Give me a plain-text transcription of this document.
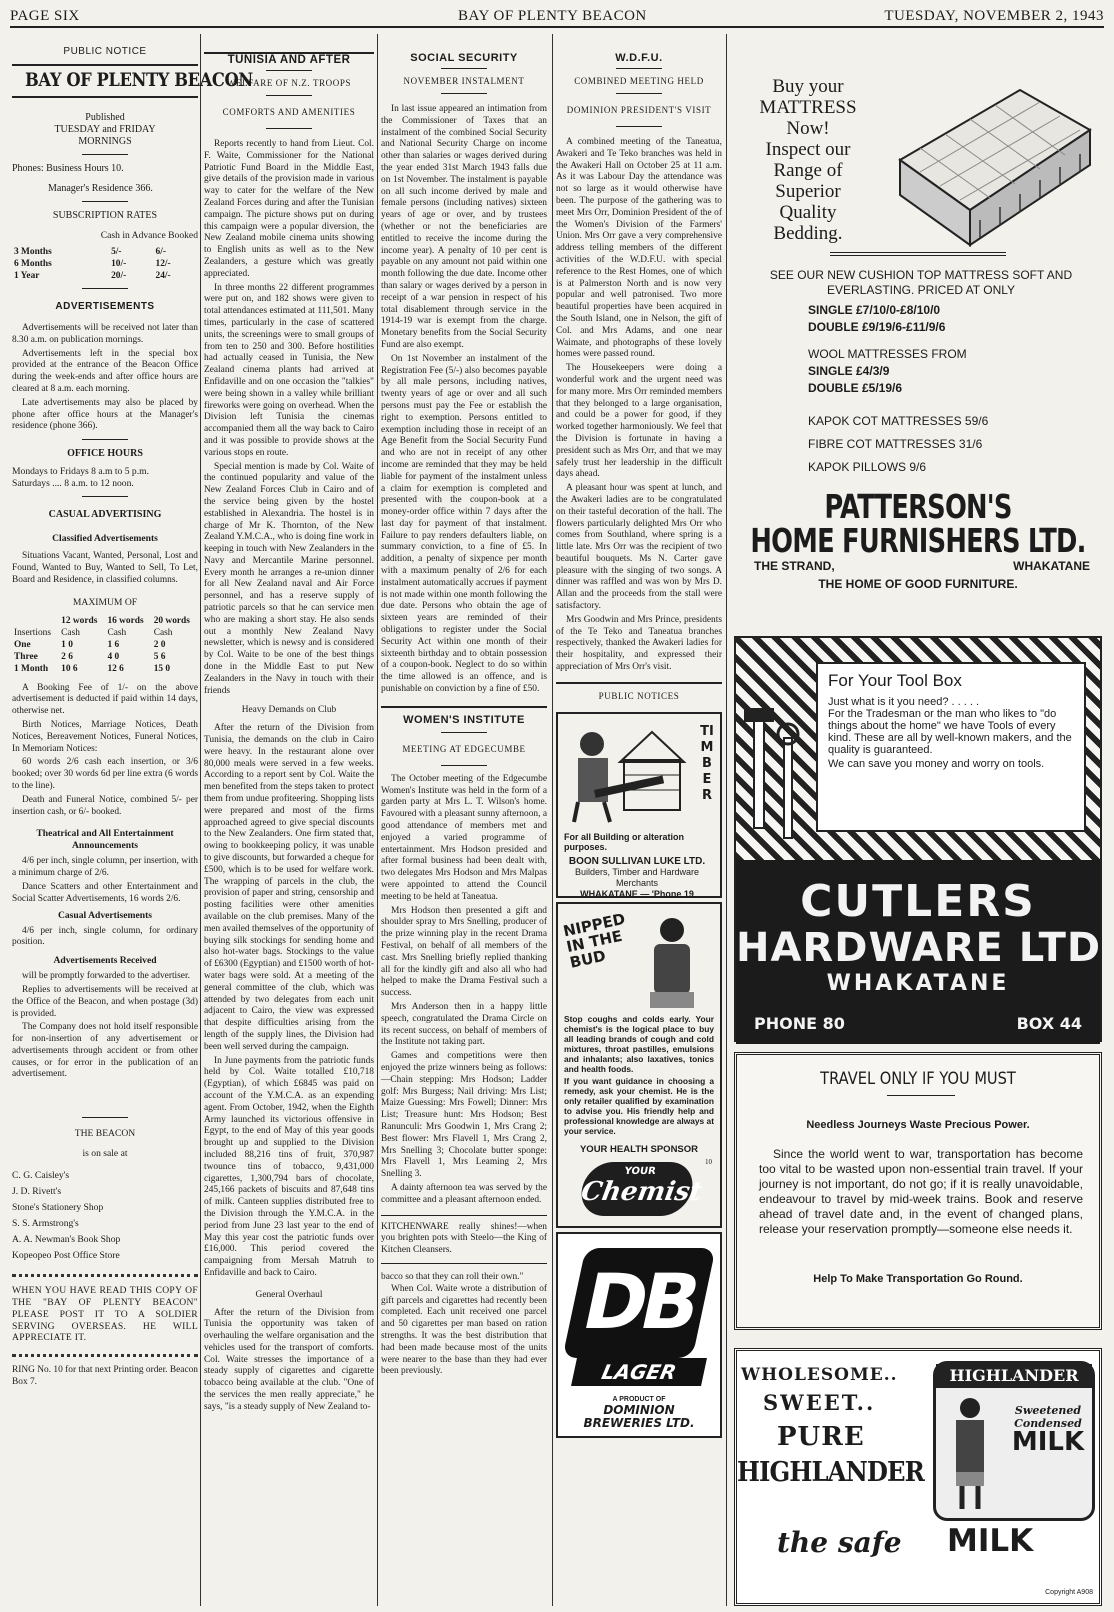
PAGE SIX	BAY OF PLENTY BEACON	TUESDAY, NOVEMBER 2, 1943
PUBLIC NOTICE
BAY OF PLENTY BEACON
Published
TUESDAY and FRIDAY
MORNINGS
Phones: Business Hours 10.
Manager's Residence 366.
SUBSCRIPTION RATES
Cash in Advance Booked
3 Months	5/-	6/-
6 Months	10/-	12/-
1 Year	20/-	24/-
ADVERTISEMENTS
Advertisements will be received not later than 8.30 a.m. on publication mornings.
Advertisements left in the special box provided at the entrance of the Beacon Office during the week-ends and after office hours are cleared at 8 a.m. each morning.
Late advertisements may also be placed by phone after office hours at the Manager's residence (phone 366).
OFFICE HOURS
Mondays to Fridays 8 a.m to 5 p.m.
Saturdays .... 8 a.m. to 12 noon.
CASUAL ADVERTISING
Classified Advertisements
Situations Vacant, Wanted, Personal, Lost and Found, Wanted to Buy, Wanted to Sell, To Let, Board and Residence, in classified columns.
MAXIMUM OF
	12 words	16 words	20 words
Insertions	Cash	Cash	Cash
One	1 0	1 6	2 0
Three	2 6	4 0	5 6
1 Month	10 6	12 6	15 0
A Booking Fee of 1/- on the above advertisement is deducted if paid within 14 days, otherwise net.
Birth Notices, Marriage Notices, Death Notices, Bereavement Notices, Funeral Notices, In Memoriam Notices:
60 words 2/6 cash each insertion, or 3/6 booked; over 30 words 6d per line extra (6 words to the line).
Death and Funeral Notice, combined 5/- per insertion cash, or 6/- booked.
Theatrical and All Entertainment Announcements
4/6 per inch, single column, per insertion, with a minimum charge of 2/6.
Dance Scatters and other Entertainment and Social Scatter Advertisements, 16 words 2/6.
Casual Advertisements
4/6 per inch, single column, for ordinary position.
Advertisements Received
will be promptly forwarded to the advertiser.
Replies to advertisements will be received at the Office of the Beacon, and when postage (3d) is provided.
The Company does not hold itself responsible for non-insertion of any advertisement or advertisements through accident or from other causes, or for error in the publication of an advertisement.
THE BEACON
is on sale at
C. G. Caisley's
J. D. Rivett's
Stone's Stationery Shop
S. S. Armstrong's
A. A. Newman's Book Shop
Kopeopeo Post Office Store
WHEN YOU HAVE READ THIS COPY OF THE "BAY OF PLENTY BEACON" PLEASE POST IT TO A SOLDIER SERVING OVERSEAS. HE WILL APPRECIATE IT.
RING No. 10 for that next Printing order. Beacon Box 7.
TUNISIA AND AFTER
WELFARE OF N.Z. TROOPS
COMFORTS AND AMENITIES
Reports recently to hand from Lieut. Col. F. Waite, Commissioner for the National Patriotic Fund Board in the Middle East, give details of the provision made in various way to cater for the welfare of the New Zealand Forces during and after the Tunisian campaign. The picture shows put on during this campaign were a popular diversion, the New Zealand mobile cinema units showing to English units as well as to the New Zealanders, a gesture which was greatly appreciated.
In three months 22 different programmes were put on, and 182 shows were given to total attendances estimated at 111,501. Many times, particularly in the case of scattered units, the screenings were to small groups of from ten to 250 and 300. Before hostilities had actually ceased in Tunisia, the New Zealand cinema plants had arrived at Enfidaville and on one occasion the "talkies" were being shown in a valley while brilliant fireworks were going on overhead. When the Division left Tunisia the cinemas accompanied them all the way back to Cairo and it was possible to provide shows at the various stops en route.
Special mention is made by Col. Waite of the continued popularity and value of the New Zealand Forces Club in Cairo and of the service being given by the hostel established in Alexandria. The hostel is in charge of Mr K. Thornton, of the New Zealand Y.M.C.A., who is doing fine work in keeping in touch with New Zealanders in the Navy and Mercantile Marine personnel. Every month he arranges a re-union dinner for all New Zealand naval and Air Force personnel, and has a reserve supply of patriotic parcels so that he can service men who are making a short stay. He also sends out a monthly New Zealand Navy newsletter, which is newsy and is considered by Col. Waite to be one of the best things done in the Middle East to put New Zealanders in the Navy in touch with their friends
Heavy Demands on Club
After the return of the Division from Tunisia, the demands on the club in Cairo were heavy. In the restaurant alone over 80,000 meals were served in a few weeks. According to a report sent by Col. Waite the men benefited from the steps taken to protect them from undue profiteering. Shopping lists were prepared and most of the firms approached agreed to give special discounts to the New Zealanders. One firm stated that, owing to bookkeeping policy, it was unable to give discounts, but forwarded a cheque for £500, which is to be used for welfare work. The wrapping of parcels in the club, the provision of paper and string, censorship and posting facilities were other amenities available on the club premises. Many of the men availed themselves of the opportunity of buying silk stockings for sending home and also hot-water bags. Stockings to the value of £6300 (Egyptian) and £1500 worth of hot-water bags were sold. At a meeting of the general committee of the club, which was attended by two delegates from each unit adjacent to Cairo, the view was expressed that despite difficulties arising from the length of the supply lines, the Division had been well served during the campaign.
In June payments from the patriotic funds held by Col. Waite totalled £10,718 (Egyptian), of which £6845 was paid on account of the Y.M.C.A. as an expending agent. From October, 1942, when the Eighth Army launched its victorious offensive in Egypt, to the end of May of this year goods brought up and supplied to the Division included 88,216 tins of fruit, 370,987 twounce tins of tobacco, 9,431,000 cigarettes, 1,300,794 bars of chocolate, 245,166 packets of biscuits and 87,648 tins of milk. Canteen supplies distributed free to the Division through the Y.M.C.A. in the period from June 23 last year to the end of May this year cost the patriotic funds over £16,000. This period covered the campaigning from Mersah Matruh to Enfidaville and back to Cairo.
General Overhaul
After the return of the Division from Tunisia the opportunity was taken of overhauling the welfare organisation and the vehicles used for the transport of comforts. Col. Waite stresses the importance of a steady supply of cigarettes and cigarette tobacco being available at the club. "One of the services the men really appreciate," he says, "is a steady supply of New Zealand to-
SOCIAL SECURITY
NOVEMBER INSTALMENT
In last issue appeared an intimation from the Commissioner of Taxes that an instalment of the combined Social Security and National Security Charge on income other than salaries or wages derived during the year ended 31st March 1943 falls due on 1st November. The instalment is payable on all such income derived by male and female persons (including natives) sixteen years of age or over, and by trustees (whether or not the beneficiaries are entitled to receive the income during the income year). A penalty of 10 per cent is payable on any amount not paid within one month following the due date. Income other than salary or wages derived by a person in receipt of a war pension in respect of his total disablement through service in the 1914-19 war is exempt from the charge. Monetary benefits from the Social Security Fund are also exempt.
On 1st November an instalment of the Registration Fee (5/-) also becomes payable by all male persons, including natives, twenty years of age or over and all such persons must pay the Fee or establish the right to exemption. Persons entitled to exemption including those in receipt of an Age Benefit from the Social Security Fund and who are not in receipt of any other income are reminded that they may be held liable for payment of the instalment unless a claim for exemption is completed and presented with the coupon-book at a money-order office within 7 days after the last day for payment of that instalment. Failure to pay renders defaulters liable, on summary conviction, to a fine of £5. In addition, a penalty of sixpence per month with a maximum penalty of 2/6 for each instalment automatically accrues if payment is not made within one month following the due date. Persons who obtain the age of sixteen years are reminded of their obligations to register under the Social Security Act within one month of their sixteenth birthday and to obtain possession of a coupon-book. Neglect to do so within the time allowed is an offence, and is punishable on conviction by a fine of £50.
WOMEN'S INSTITUTE
MEETING AT EDGECUMBE
The October meeting of the Edgecumbe Women's Institute was held in the form of a garden party at Mrs L. T. Wilson's home. Favoured with a pleasant sunny afternoon, a good attendance of members met and enjoyed a varied programme of entertainment. Mrs Hodson presided and after formal business had been dealt with, two delegates Mrs Hodson and Mrs Malpas were appointed to attend the Council meeting to be held at Taneatua.
Mrs Hodson then presented a gift and shoulder spray to Mrs Snelling, producer of the prize winning play in the recent Drama Festival, on behalf of all members of the cast. Mrs Snelling briefly replied thanking all for the kindly gift and also all who had helped to make the Drama Festival such a success.
Mrs Anderson then in a happy little speech, congratulated the Drama Circle on its recent success, on behalf of members of the Institute not taking part.
Games and competitions were then enjoyed the prize winners being as follows:—Chain stepping: Mrs Hodson; Ladder golf: Mrs Burgess; Nail driving: Mrs List; Maize Guessing: Mrs Fowell; Dinner: Mrs List; Treasure hunt: Mrs Hodson; Best Ranunculi: Mrs Goodwin 1, Mrs Crang 2; Best flower: Mrs Flavell 1, Mrs Crang 2, Mrs Snelling 3; Chocolate butter sponge: Mrs Flavell 1, Mrs Leaming 2, Mrs Snelling 3.
A dainty afternoon tea was served by the committee and a pleasant afternoon ended.
KITCHENWARE really shines!—when you brighten pots with Steelo—the King of Kitchen Cleansers.
bacco so that they can roll their own."
When Col. Waite wrote a distribution of gift parcels and cigarettes had recently been completed. Each unit received one parcel and 50 cigarettes per man based on ration strengths. It was the best distribution that had been made because most of the units were nearer to the base than they had ever been previously.
W.D.F.U.
COMBINED MEETING HELD
DOMINION PRESIDENT'S VISIT
A combined meeting of the Taneatua, Awakeri and Te Teko branches was held in the Awakeri Hall on October 25 at 11 a.m. As it was Labour Day the attendance was not so large as it would otherwise have been. The purpose of the gathering was to meet Mrs Orr, Dominion President of the of the Women's Division of the Farmers' Union. Mrs Orr gave a very comprehensive address telling members of the different activities of the W.D.F.U. with special reference to the Rest Homes, one of which is at Palmerston North and is now very popular and well patronised. Two more beautiful properties have been acquired in the South Island, one in Nelson, the gift of Col. and Mrs Adams, and one near Waimate, and photographs of these lovely homes were passed round.
The Housekeepers were doing a wonderful work and the urgent need was for many more. Mrs Orr reminded members that they belonged to a large organisation, and could be a power for good, if they worked together harmoniously. We feel that the Division is fortunate in having a president such as Mrs Orr, and that we may safely trust her leadership in the difficult days ahead.
A pleasant hour was spent at lunch, and the Awakeri ladies are to be congratulated on their tasteful decoration of the hall. The flowers particularly delighted Mrs Orr who comes from Southland, where spring is a little late. Mrs Orr was the recipient of two beautiful bouquets. Ms N. Carter gave pleasure with the singing of two songs. A dinner was raffled and was won by Mrs D. Allan and the proceeds from the stall were satisfactory.
Mrs Goodwin and Mrs Prince, presidents of the Te Teko and Taneatua branches respectively, thanked the Awakeri ladies for their hospitality, and expressed their appreciation of Mrs Orr's visit.
PUBLIC NOTICES
TIMBER
For all Building or alteration purposes.
BOON SULLIVAN LUKE LTD.
Builders, Timber and Hardware Merchants
WHAKATANE — 'Phone 19
NIPPED IN THE BUD
Stop coughs and colds early. Your chemist's is the logical place to buy all leading brands of cough and cold mixtures, throat pastilles, emulsions and inhalants; also laxatives, tonics and health foods.
If you want guidance in choosing a remedy, ask your chemist. He is the only retailer qualified by examination to advise you. His friendly help and professional knowledge are always at your service.
YOUR HEALTH SPONSOR
10
YOUR
Chemist
DB
LAGER
A PRODUCT OF
DOMINION
BREWERIES LTD.
Buy your
MATTRESS
Now!
Inspect our
Range of
Superior
Quality
Bedding.
SEE OUR NEW CUSHION TOP MATTRESS SOFT AND EVERLASTING. PRICED AT ONLY
SINGLE £7/10/0-£8/10/0
DOUBLE £9/19/6-£11/9/6
WOOL MATTRESSES FROM
SINGLE £4/3/9
DOUBLE £5/19/6
KAPOK COT MATTRESSES 59/6
FIBRE COT MATTRESSES 31/6
KAPOK PILLOWS 9/6
PATTERSON'S
HOME FURNISHERS LTD.
THE STRAND,	WHAKATANE
THE HOME OF GOOD FURNITURE.
For Your Tool Box
Just what is it you need? . . . . .
For the Tradesman or the man who likes to "do things about the home" we have Tools of every kind. These are all by well-known makers, and the quality is guaranteed.
We can save you money and worry on tools.
CUTLERS
HARDWARE LTD
WHAKATANE
PHONE 80	BOX 44
TRAVEL ONLY IF YOU MUST
Needless Journeys Waste Precious Power.
Since the world went to war, transportation has become too vital to be wasted upon non-essential train travel. If your journey is not important, do not go; if it is really unavoidable, endeavour to travel by mid-week trains. Book and reserve ahead of travel date and, in the event of changed plans, release your reservation promptly—someone else needs it.
Help To Make Transportation Go Round.
WHOLESOME..
SWEET..
PURE
HIGHLANDER
the safe MILK
HIGHLANDER
Sweetened Condensed
MILK
Copyright A908
